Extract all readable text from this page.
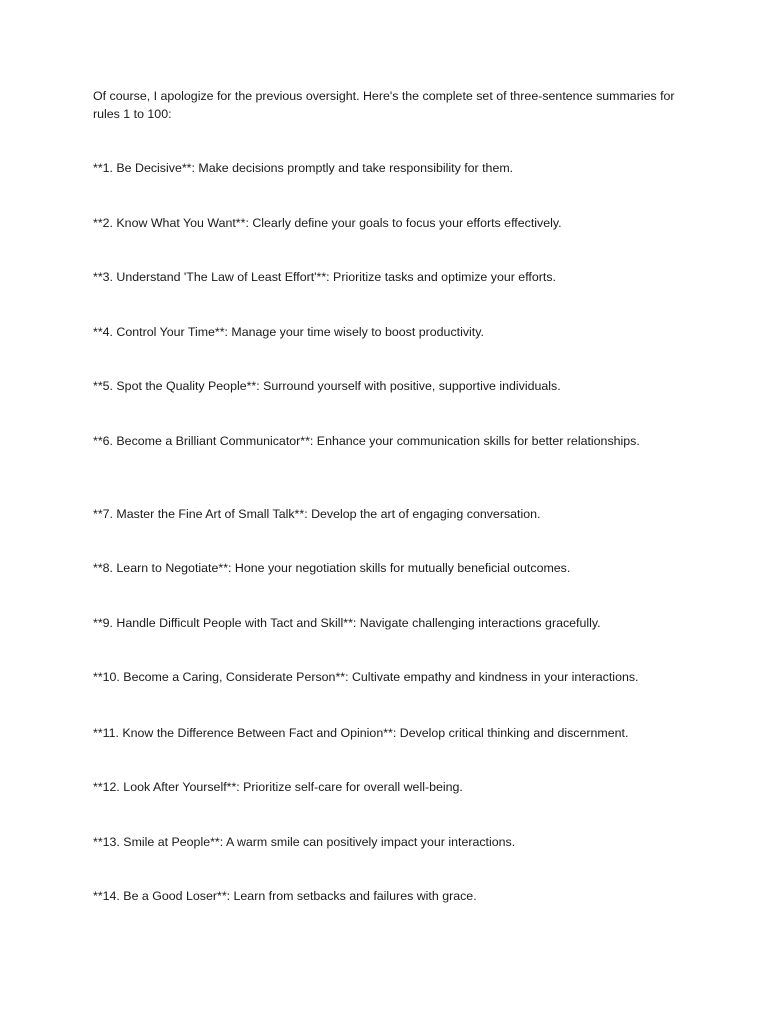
Of course, I apologize for the previous oversight. Here's the complete set of three-sentence summaries for rules 1 to 100:

**1. Be Decisive**: Make decisions promptly and take responsibility for them.

**2. Know What You Want**: Clearly define your goals to focus your efforts effectively.

**3. Understand 'The Law of Least Effort'**: Prioritize tasks and optimize your efforts.

**4. Control Your Time**: Manage your time wisely to boost productivity.

**5. Spot the Quality People**: Surround yourself with positive, supportive individuals.

**6. Become a Brilliant Communicator**: Enhance your communication skills for better relationships.

**7. Master the Fine Art of Small Talk**: Develop the art of engaging conversation.

**8. Learn to Negotiate**: Hone your negotiation skills for mutually beneficial outcomes.

**9. Handle Difficult People with Tact and Skill**: Navigate challenging interactions gracefully.

**10. Become a Caring, Considerate Person**: Cultivate empathy and kindness in your interactions.

**11. Know the Difference Between Fact and Opinion**: Develop critical thinking and discernment.

**12. Look After Yourself**: Prioritize self-care for overall well-being.

**13. Smile at People**: A warm smile can positively impact your interactions.

**14. Be a Good Loser**: Learn from setbacks and failures with grace.
